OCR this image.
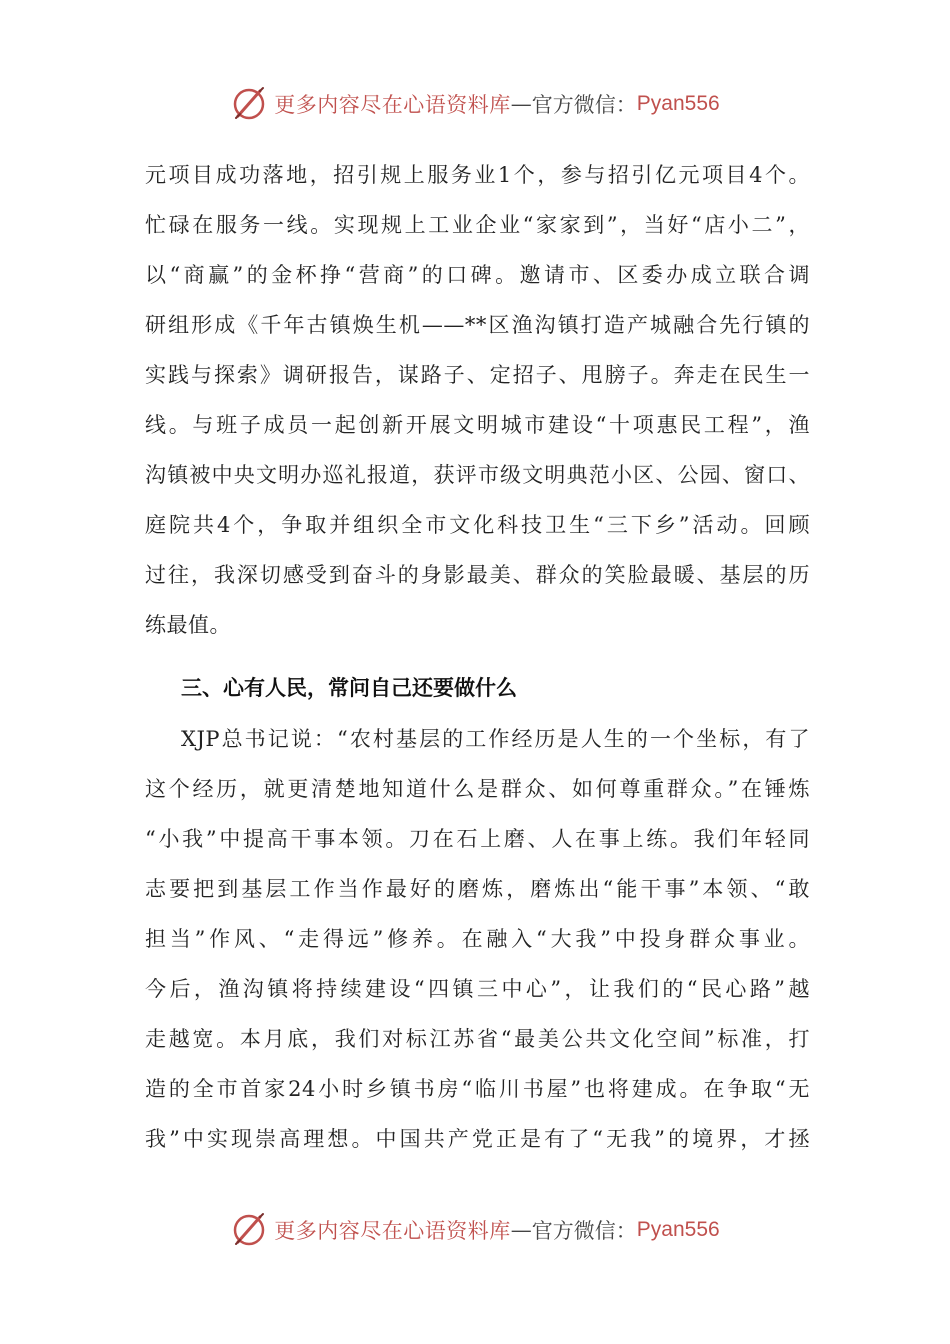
更多内容尽在心语资料库 — 官方微信： Pyan556
元项目成功落地，招引规上服务业1个，参与招引亿元项目4个。
忙碌在服务一线。实现规上工业企业“家家到”，当好“店小二”，
以“商赢”的金杯挣“营商”的口碑。邀请市、区委办成立联合调
研组形成《千年古镇焕生机——**区渔沟镇打造产城融合先行镇的
实践与探索》调研报告，谋路子、定招子、甩膀子。奔走在民生一
线。与班子成员一起创新开展文明城市建设“十项惠民工程”，渔
沟镇被中央文明办巡礼报道，获评市级文明典范小区、公园、窗口、
庭院共4个，争取并组织全市文化科技卫生“三下乡”活动。回顾
过往，我深切感受到奋斗的身影最美、群众的笑脸最暖、基层的历
练最值。
三、心有人民，常问自己还要做什么
XJP总书记说：“农村基层的工作经历是人生的一个坐标，有了
这个经历，就更清楚地知道什么是群众、如何尊重群众。”在锤炼
“小我”中提高干事本领。刀在石上磨、人在事上练。我们年轻同
志要把到基层工作当作最好的磨炼，磨炼出“能干事”本领、“敢
担当”作风、“走得远”修养。在融入“大我”中投身群众事业。
今后，渔沟镇将持续建设“四镇三中心”，让我们的“民心路”越
走越宽。本月底，我们对标江苏省“最美公共文化空间”标准，打
造的全市首家24小时乡镇书房“临川书屋”也将建成。在争取“无
我”中实现崇高理想。中国共产党正是有了“无我”的境界，才拯
更多内容尽在心语资料库 — 官方微信： Pyan556
